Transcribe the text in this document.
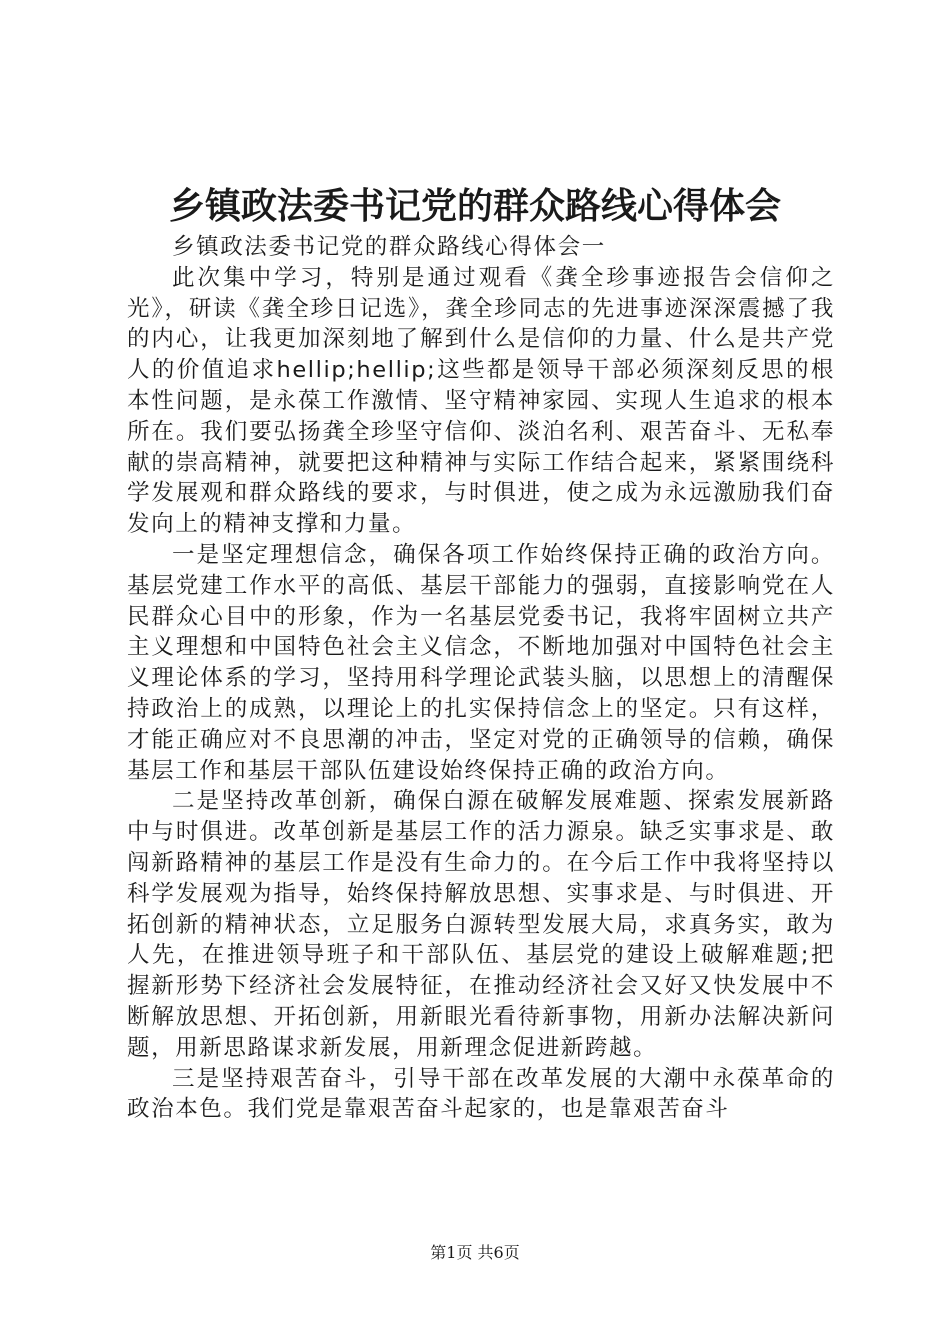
乡镇政法委书记党的群众路线心得体会

乡镇政法委书记党的群众路线心得体会一

此次集中学习，特别是通过观看《龚全珍事迹报告会信仰之光》，研读《龚全珍日记选》，龚全珍同志的先进事迹深深震撼了我的内心，让我更加深刻地了解到什么是信仰的力量、什么是共产党人的价值追求hellip;hellip;这些都是领导干部必须深刻反思的根本性问题，是永葆工作激情、坚守精神家园、实现人生追求的根本所在。我们要弘扬龚全珍坚守信仰、淡泊名利、艰苦奋斗、无私奉献的崇高精神，就要把这种精神与实际工作结合起来，紧紧围绕科学发展观和群众路线的要求，与时俱进，使之成为永远激励我们奋发向上的精神支撑和力量。

一是坚定理想信念，确保各项工作始终保持正确的政治方向。基层党建工作水平的高低、基层干部能力的强弱，直接影响党在人民群众心目中的形象，作为一名基层党委书记，我将牢固树立共产主义理想和中国特色社会主义信念，不断地加强对中国特色社会主义理论体系的学习，坚持用科学理论武装头脑，以思想上的清醒保持政治上的成熟，以理论上的扎实保持信念上的坚定。只有这样，才能正确应对不良思潮的冲击，坚定对党的正确领导的信赖，确保基层工作和基层干部队伍建设始终保持正确的政治方向。

二是坚持改革创新，确保白源在破解发展难题、探索发展新路中与时俱进。改革创新是基层工作的活力源泉。缺乏实事求是、敢闯新路精神的基层工作是没有生命力的。在今后工作中我将坚持以科学发展观为指导，始终保持解放思想、实事求是、与时俱进、开拓创新的精神状态，立足服务白源转型发展大局，求真务实，敢为人先，在推进领导班子和干部队伍、基层党的建设上破解难题;把握新形势下经济社会发展特征，在推动经济社会又好又快发展中不断解放思想、开拓创新，用新眼光看待新事物，用新办法解决新问题，用新思路谋求新发展，用新理念促进新跨越。

三是坚持艰苦奋斗，引导干部在改革发展的大潮中永葆革命的政治本色。我们党是靠艰苦奋斗起家的，也是靠艰苦奋斗

第1页 共6页
